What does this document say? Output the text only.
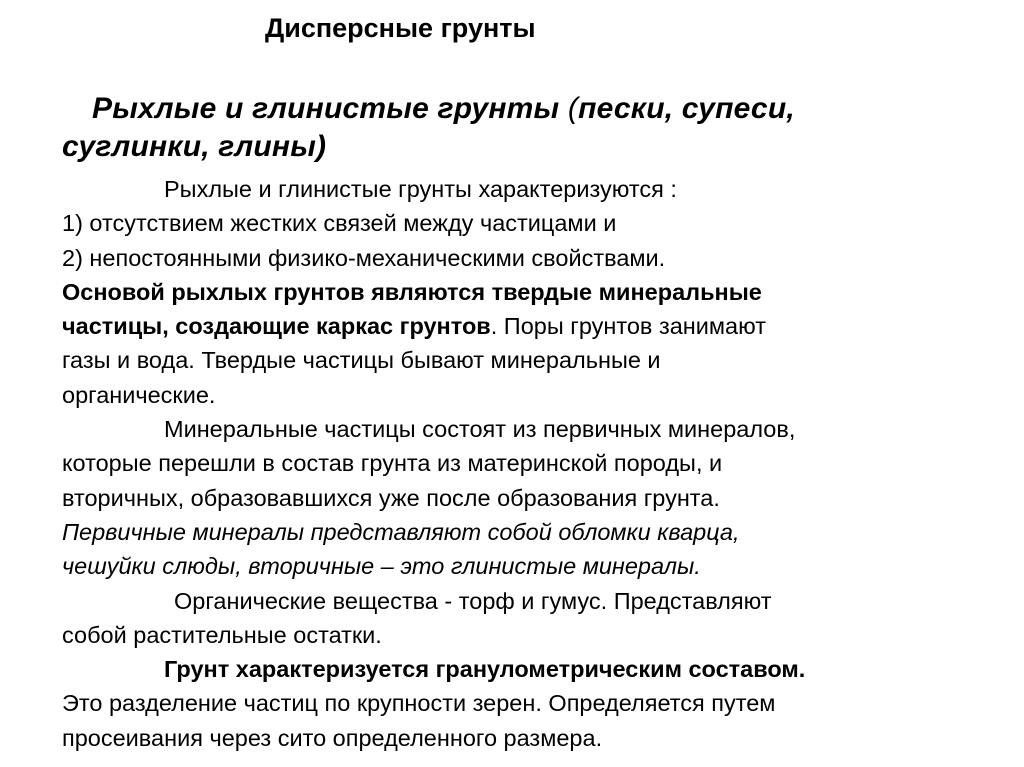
Дисперсные грунты
Рыхлые и глинистые грунты (пески, супеси,
суглинки, глины)
Рыхлые и глинистые грунты характеризуются :
1) отсутствием жестких связей между частицами и
2) непостоянными физико-механическими свойствами.
Основой рыхлых грунтов являются твердые минеральные
частицы, создающие каркас грунтов. Поры грунтов занимают
газы и вода. Твердые частицы бывают минеральные и
органические.
Минеральные частицы состоят из первичных минералов,
которые перешли в состав грунта из материнской породы, и
вторичных, образовавшихся уже после образования грунта.
Первичные минералы представляют собой обломки кварца,
чешуйки слюды, вторичные – это глинистые минералы.
Органические вещества - торф и гумус. Представляют
собой растительные остатки.
Грунт характеризуется гранулометрическим составом.
Это разделение частиц по крупности зерен. Определяется путем
просеивания через сито определенного размера.
